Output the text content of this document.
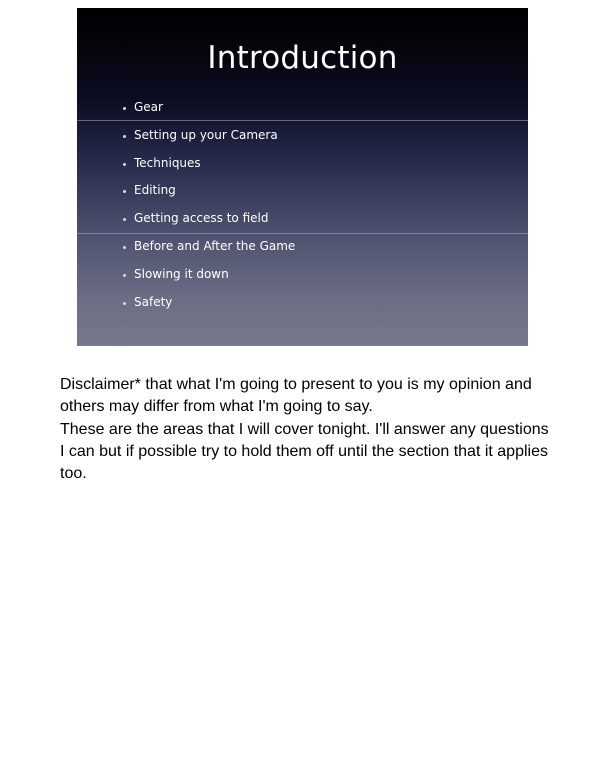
Introduction
Gear
Setting up your Camera
Techniques
Editing
Getting access to field
Before and After the Game
Slowing it down
Safety

Disclaimer* that what I'm going to present to you is my opinion and others may differ from what I'm going to say.

These are the areas that I will cover tonight. I'll answer any questions I can but if possible try to hold them off until the section that it applies too.
